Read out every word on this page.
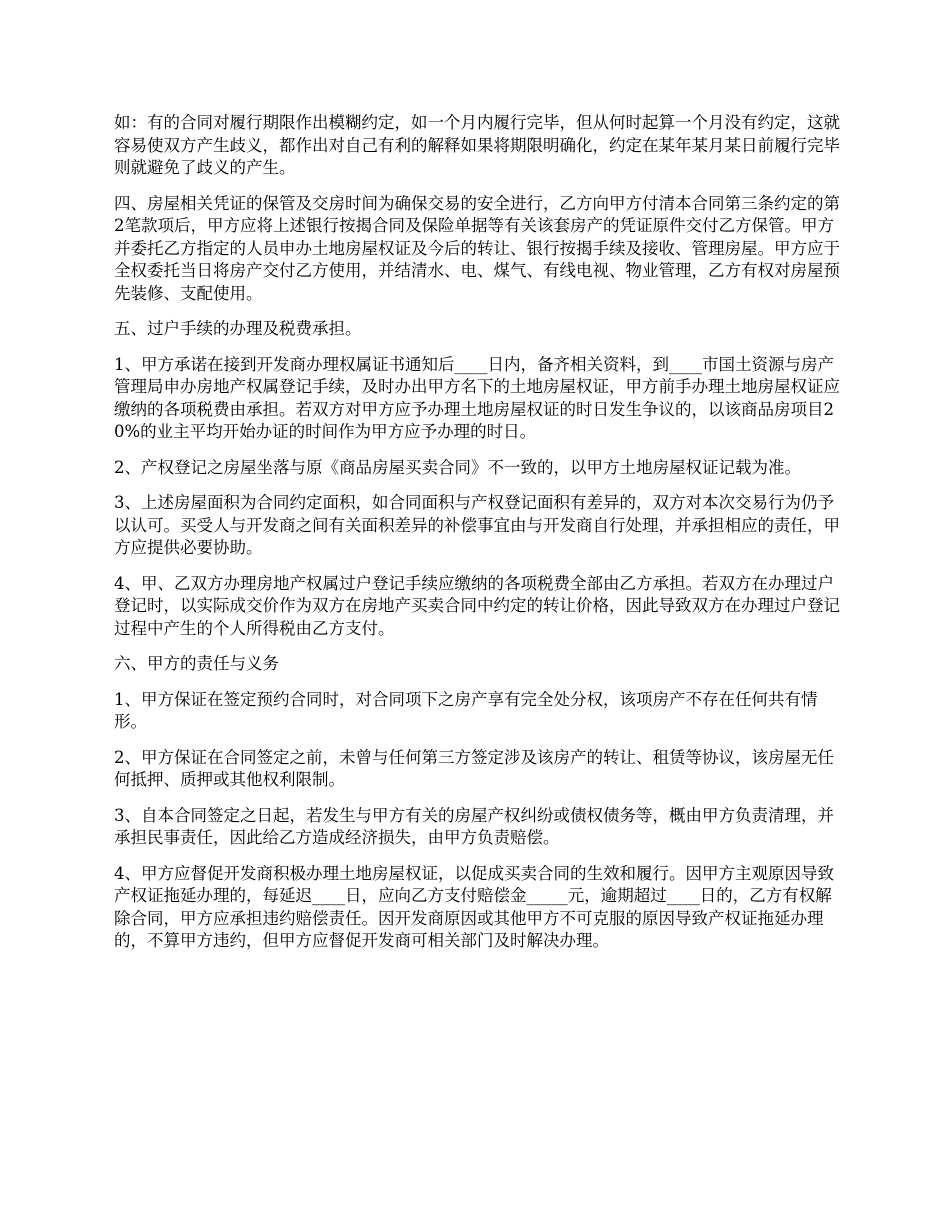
如：有的合同对履行期限作出模糊约定，如一个月内履行完毕，但从何时起算一个月没有约定，这就容易使双方产生歧义，都作出对自己有利的解释如果将期限明确化，约定在某年某月某日前履行完毕则就避免了歧义的产生。

四、房屋相关凭证的保管及交房时间为确保交易的安全进行，乙方向甲方付清本合同第三条约定的第2笔款项后，甲方应将上述银行按揭合同及保险单据等有关该套房产的凭证原件交付乙方保管。甲方并委托乙方指定的人员申办土地房屋权证及今后的转让、银行按揭手续及接收、管理房屋。甲方应于全权委托当日将房产交付乙方使用，并结清水、电、煤气、有线电视、物业管理，乙方有权对房屋预先装修、支配使用。

五、过户手续的办理及税费承担。

1、甲方承诺在接到开发商办理权属证书通知后____日内，备齐相关资料，到____市国土资源与房产管理局申办房地产权属登记手续，及时办出甲方名下的土地房屋权证，甲方前手办理土地房屋权证应缴纳的各项税费由承担。若双方对甲方应予办理土地房屋权证的时日发生争议的，以该商品房项目20%的业主平均开始办证的时间作为甲方应予办理的时日。

2、产权登记之房屋坐落与原《商品房屋买卖合同》不一致的，以甲方土地房屋权证记载为准。

3、上述房屋面积为合同约定面积，如合同面积与产权登记面积有差异的，双方对本次交易行为仍予以认可。买受人与开发商之间有关面积差异的补偿事宜由与开发商自行处理，并承担相应的责任，甲方应提供必要协助。

4、甲、乙双方办理房地产权属过户登记手续应缴纳的各项税费全部由乙方承担。若双方在办理过户登记时，以实际成交价作为双方在房地产买卖合同中约定的转让价格，因此导致双方在办理过户登记过程中产生的个人所得税由乙方支付。

六、甲方的责任与义务

1、甲方保证在签定预约合同时，对合同项下之房产享有完全处分权，该项房产不存在任何共有情形。

2、甲方保证在合同签定之前，未曾与任何第三方签定涉及该房产的转让、租赁等协议，该房屋无任何抵押、质押或其他权利限制。

3、自本合同签定之日起，若发生与甲方有关的房屋产权纠纷或债权债务等，概由甲方负责清理，并承担民事责任，因此给乙方造成经济损失，由甲方负责赔偿。

4、甲方应督促开发商积极办理土地房屋权证，以促成买卖合同的生效和履行。因甲方主观原因导致产权证拖延办理的，每延迟____日，应向乙方支付赔偿金_____元，逾期超过____日的，乙方有权解除合同，甲方应承担违约赔偿责任。因开发商原因或其他甲方不可克服的原因导致产权证拖延办理的，不算甲方违约，但甲方应督促开发商可相关部门及时解决办理。
